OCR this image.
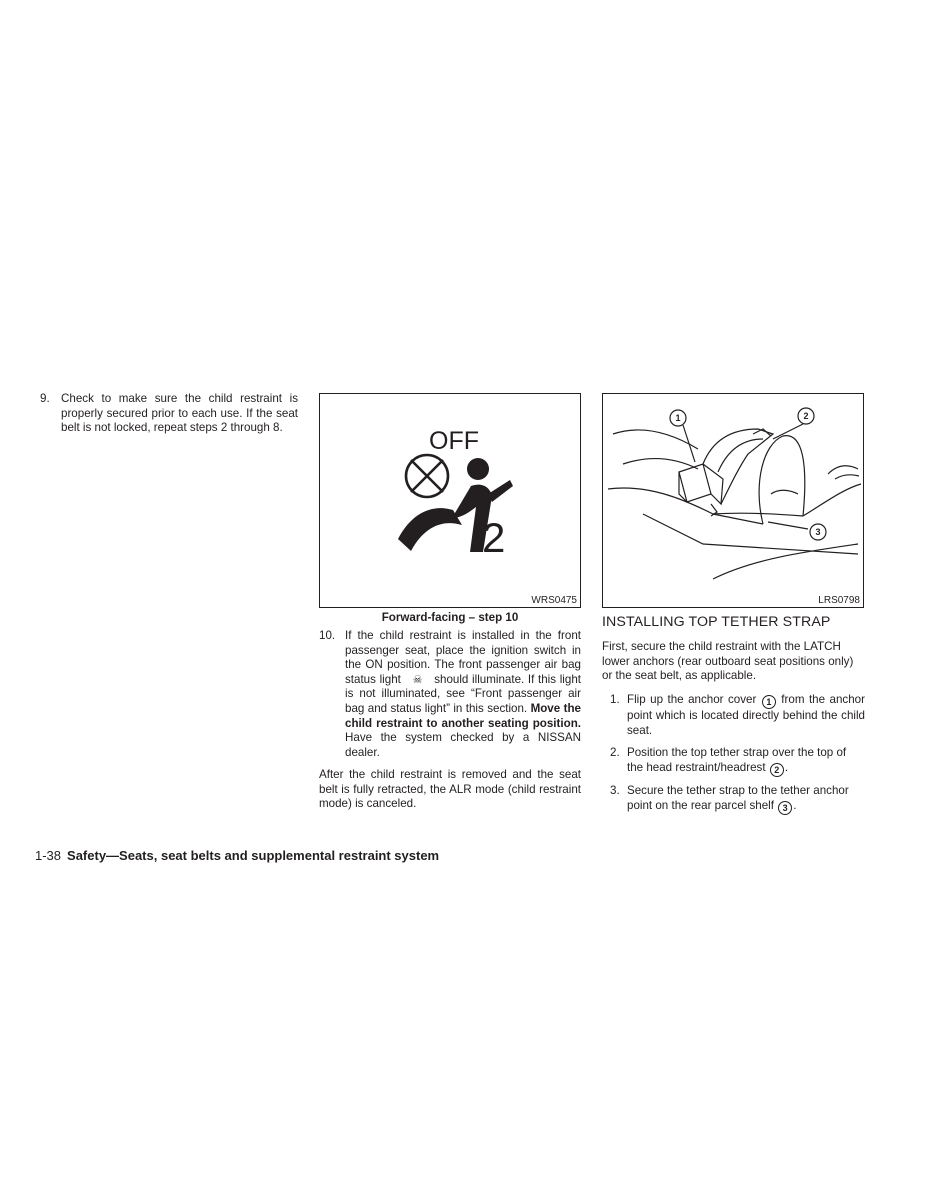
9. Check to make sure the child restraint is properly secured prior to each use. If the seat belt is not locked, repeat steps 2 through 8.	OFF
2
WRS0475
Forward-facing – step 10
10. If the child restraint is installed in the front passenger seat, place the ignition switch in the ON position. The front passenger air bag status light ☠ should illuminate. If this light is not illuminated, see “Front passenger air bag and status light” in this section. Move the child restraint to another seating position. Have the system checked by a NISSAN dealer.
After the child restraint is removed and the seat belt is fully retracted, the ALR mode (child restraint mode) is canceled.
1	2
3
LRS0798
INSTALLING TOP TETHER STRAP
First, secure the child restraint with the LATCH lower anchors (rear outboard seat positions only) or the seat belt, as applicable.
1. Flip up the anchor cover 1 from the anchor point which is located directly behind the child seat.
2. Position the top tether strap over the top of the head restraint/headrest 2 .
3. Secure the tether strap to the tether anchor point on the rear parcel shelf 3 .
1-38 Safety—Seats, seat belts and supplemental restraint system
